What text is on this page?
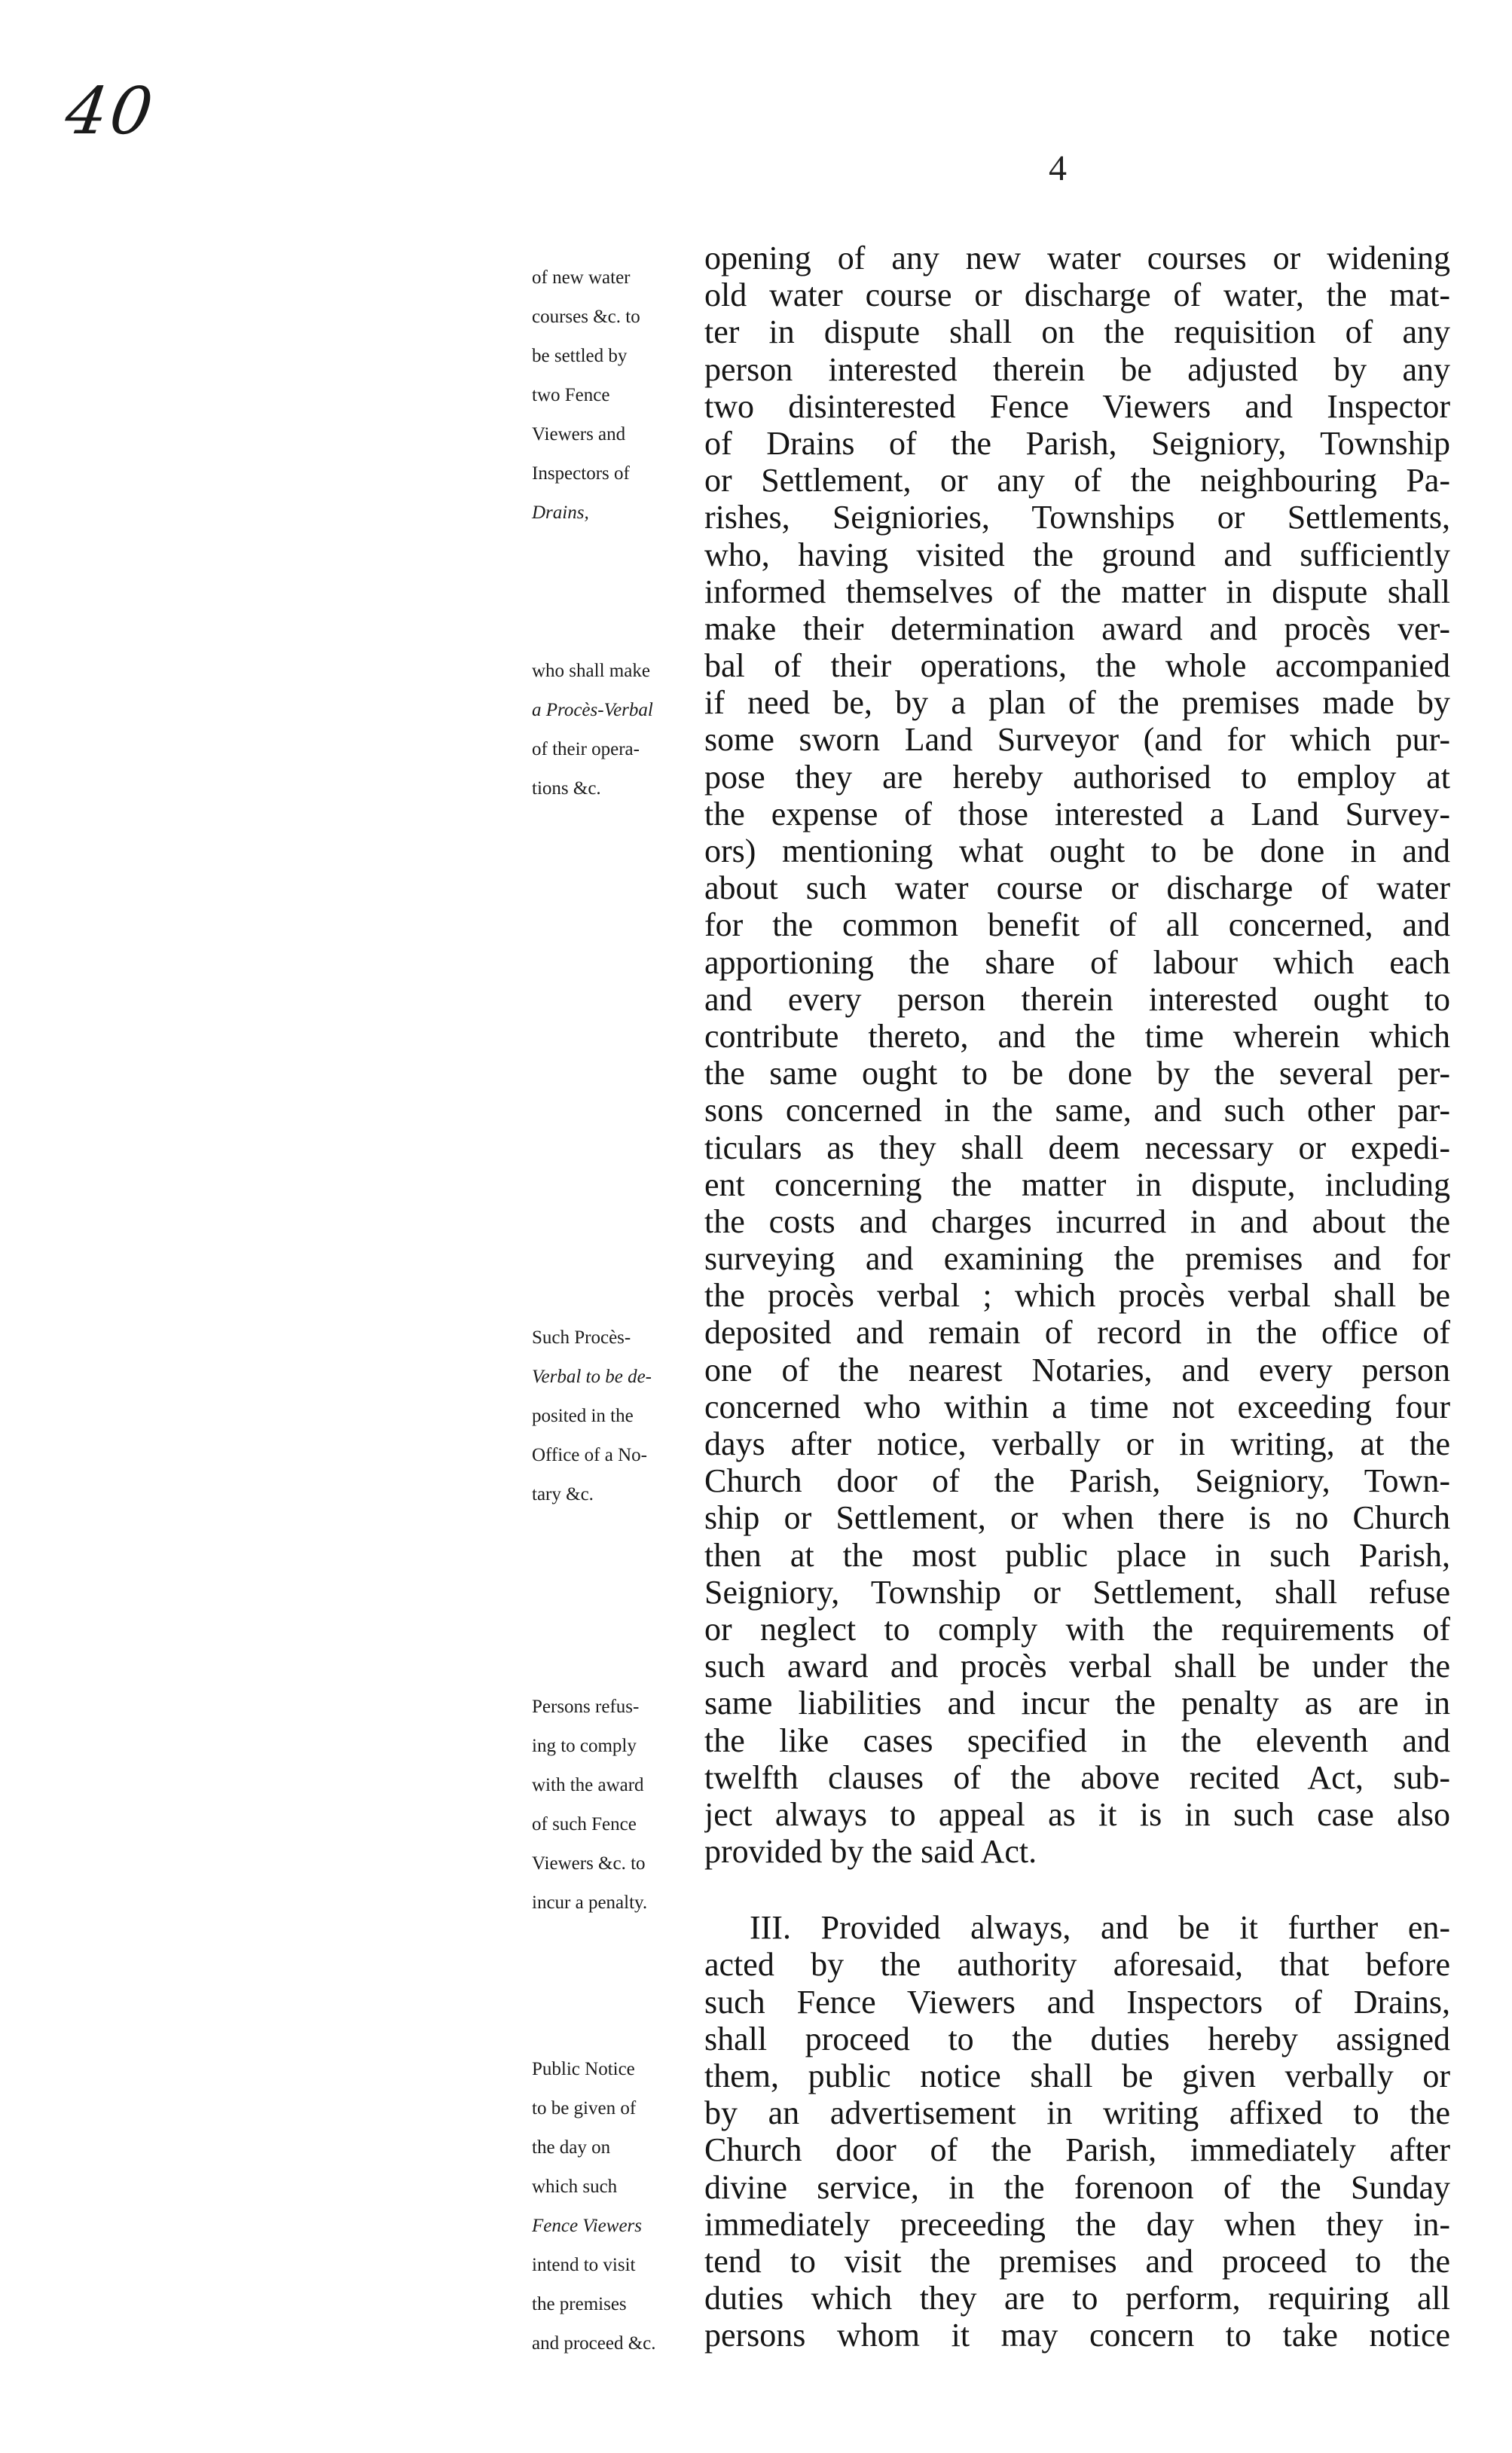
40
4

of new water

courses &c. to

be settled by

two Fence

Viewers and

Inspectors of

Drains,

who shall make

a Procès-Verbal

of their opera-

tions &c.

Such Procès-

Verbal to be de-

posited in the

Office of a No-

tary &c.

Persons refus-

ing to comply

with the award

of such Fence

Viewers &c. to

incur a penalty.

Public Notice

to be given of

the day on

which such

Fence Viewers

intend to visit

the premises

and proceed &c.

opening of any new water courses or widening
old water course or discharge of water, the mat-
ter in dispute shall on the requisition of any
person interested therein be adjusted by any
two disinterested Fence Viewers and Inspector
of Drains of the Parish, Seigniory, Township
or Settlement, or any of the neighbouring Pa-
rishes, Seigniories, Townships or Settlements,
who, having visited the ground and sufficiently
informed themselves of the matter in dispute shall
make their determination award and procès ver-
bal of their operations, the whole accompanied
if need be, by a plan of the premises made by
some sworn Land Surveyor (and for which pur-
pose they are hereby authorised to employ at
the expense of those interested a Land Survey-
ors) mentioning what ought to be done in and
about such water course or discharge of water
for the common benefit of all concerned, and
apportioning the share of labour which each
and every person therein interested ought to
contribute thereto, and the time wherein which
the same ought to be done by the several per-
sons concerned in the same, and such other par-
ticulars as they shall deem necessary or expedi-
ent concerning the matter in dispute, including
the costs and charges incurred in and about the
surveying and examining the premises and for
the procès verbal ; which procès verbal shall be
deposited and remain of record in the office of
one of the nearest Notaries, and every person
concerned who within a time not exceeding four
days after notice, verbally or in writing, at the
Church door of the Parish, Seigniory, Town-
ship or Settlement, or when there is no Church
then at the most public place in such Parish,
Seigniory, Township or Settlement, shall refuse
or neglect to comply with the requirements of
such award and procès verbal shall be under the
same liabilities and incur the penalty as are in
the like cases specified in the eleventh and
twelfth clauses of the above recited Act, sub-
ject always to appeal as it is in such case also
provided by the said Act.
III. Provided always, and be it further en-
acted by the authority aforesaid, that before
such Fence Viewers and Inspectors of Drains,
shall proceed to the duties hereby assigned
them, public notice shall be given verbally or
by an advertisement in writing affixed to the
Church door of the Parish, immediately after
divine service, in the forenoon of the Sunday
immediately preceeding the day when they in-
tend to visit the premises and proceed to the
duties which they are to perform, requiring all
persons whom it may concern to take notice
